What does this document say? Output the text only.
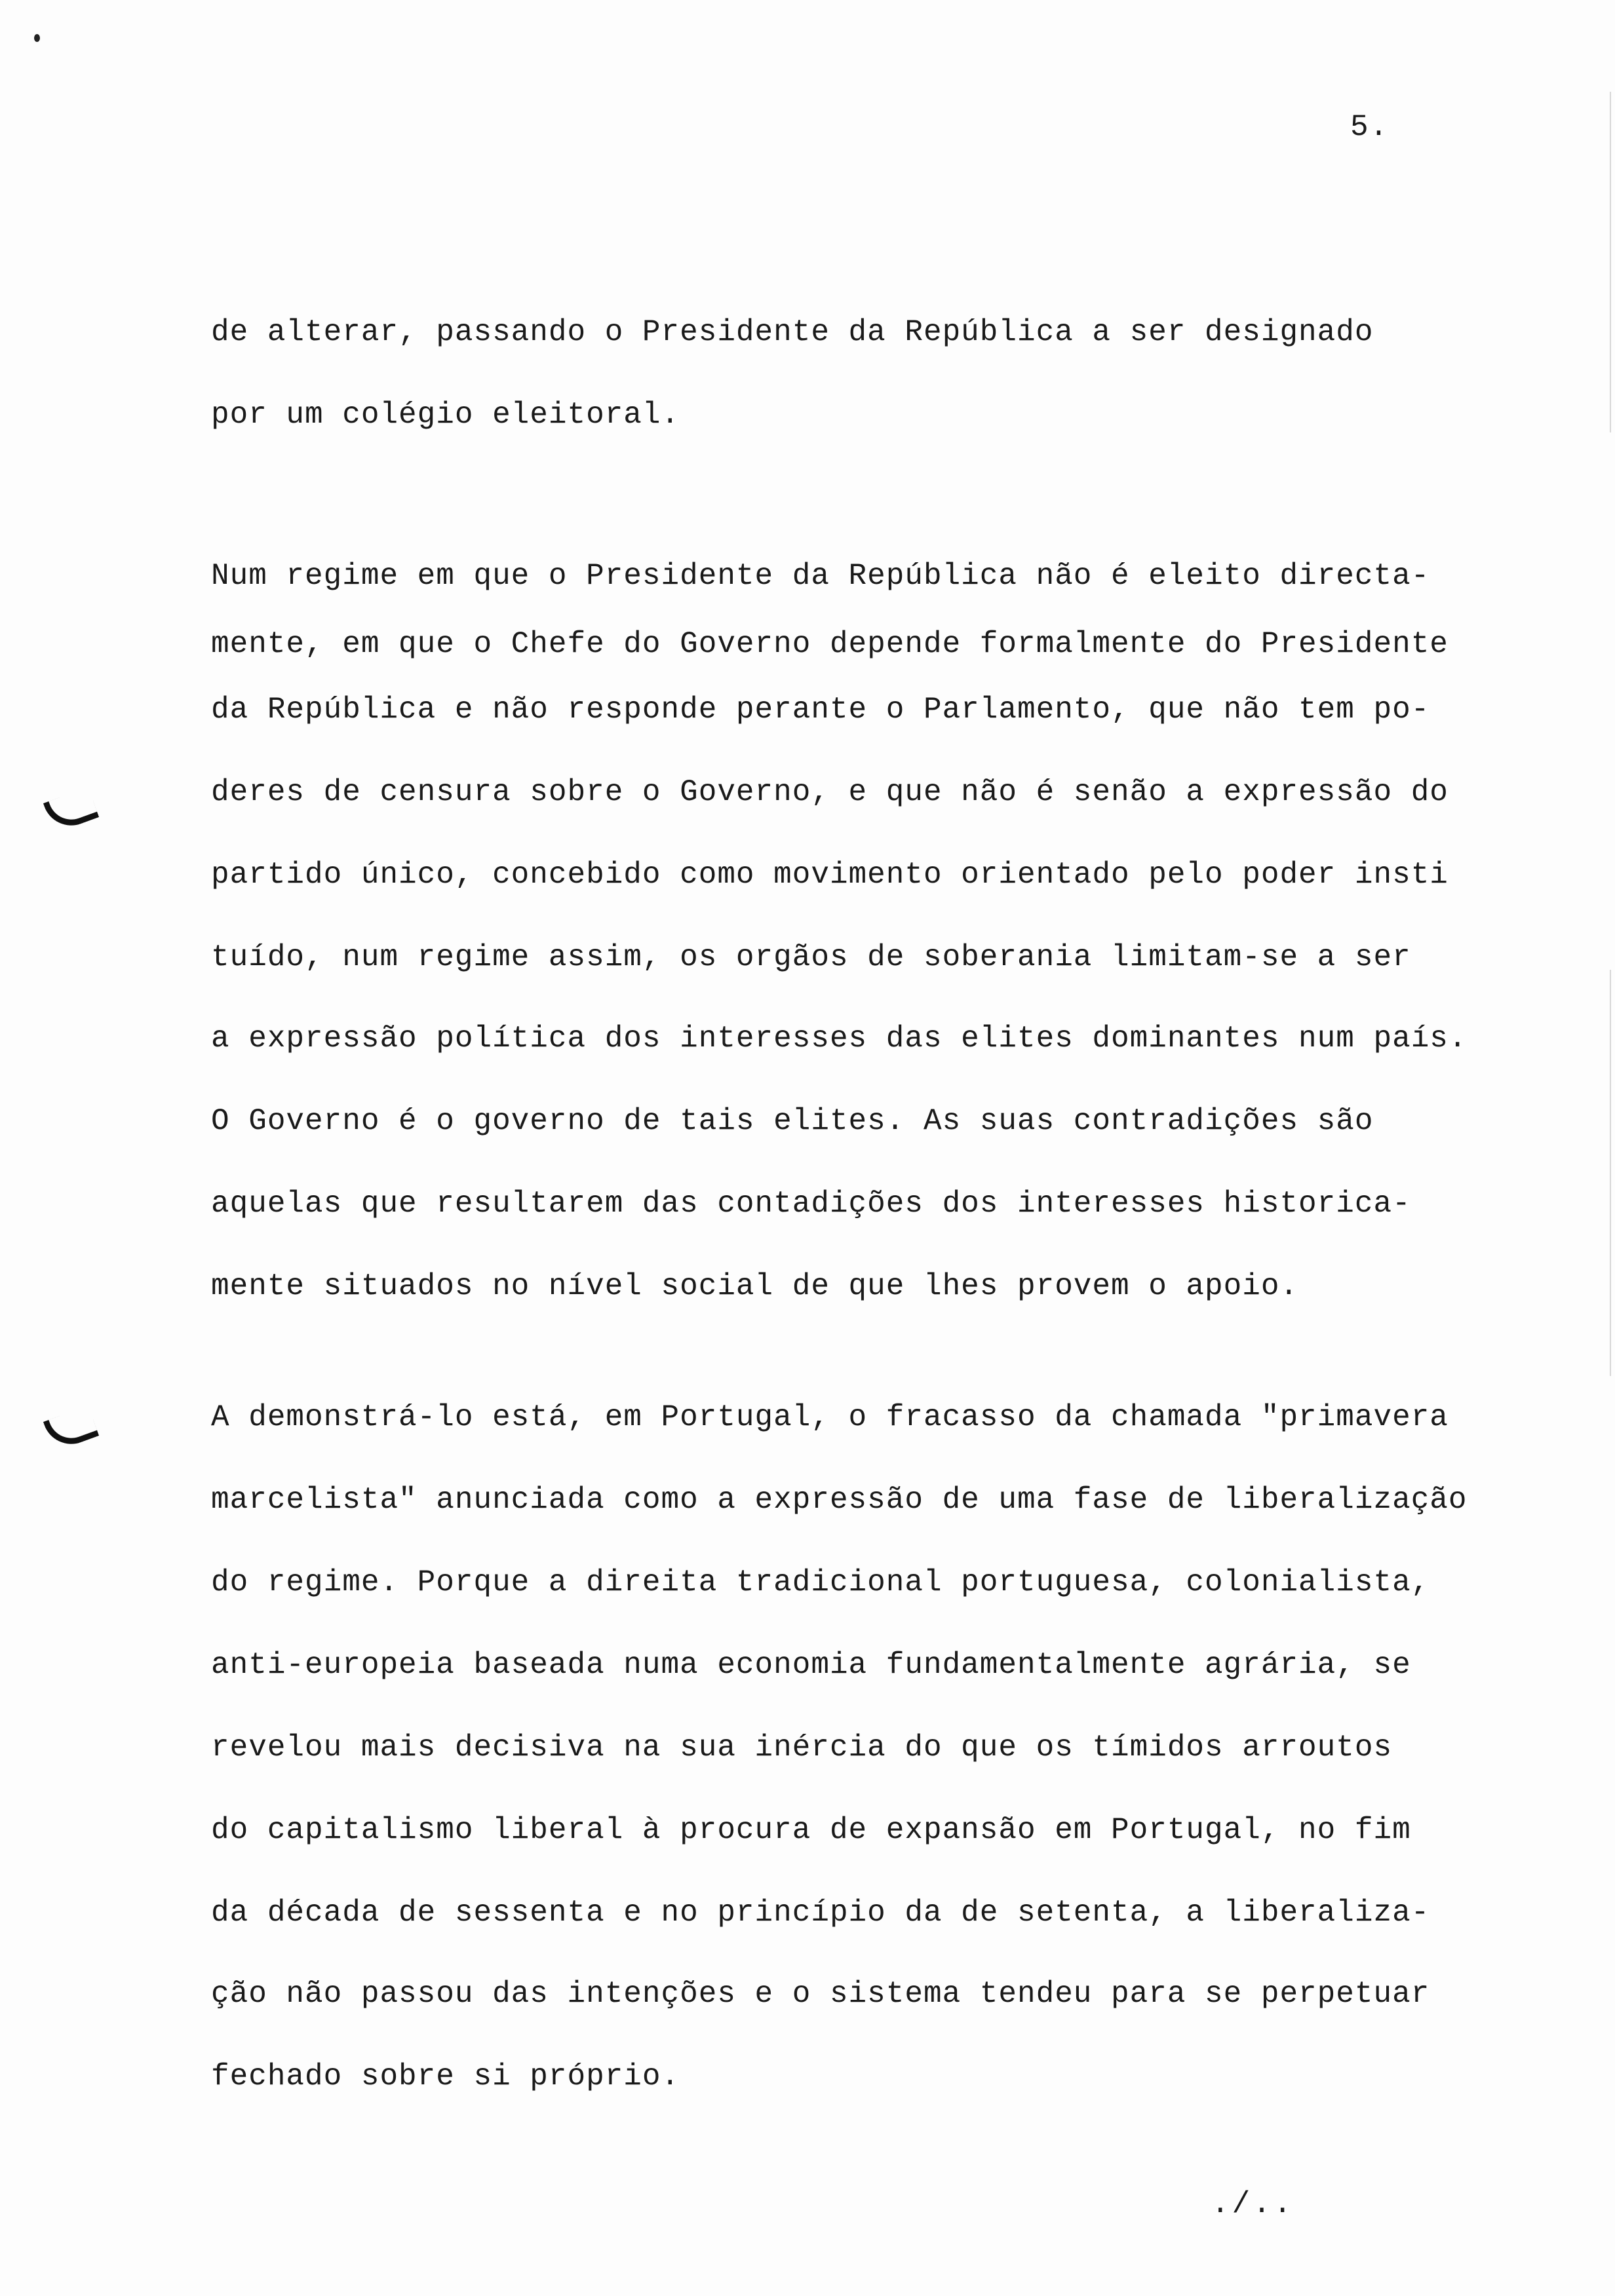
5.
de alterar, passando o Presidente da República a ser designado
por um colégio eleitoral.
Num regime em que o Presidente da República não é eleito directa-
mente, em que o Chefe do Governo depende formalmente do Presidente
da República e não responde perante o Parlamento, que não tem po-
deres de censura sobre o Governo, e que não é senão a expressão do
partido único, concebido como movimento orientado pelo poder insti
tuído, num regime assim, os orgãos de soberania limitam-se a ser
a expressão política dos interesses das elites dominantes num país.
O Governo é o governo de tais elites. As suas contradições são
aquelas que resultarem das contadições dos interesses historica-
mente situados no nível social de que lhes provem o apoio.
A demonstrá-lo está, em Portugal, o fracasso da chamada "primavera
marcelista" anunciada como a expressão de uma fase de liberalização
do regime. Porque a direita tradicional portuguesa, colonialista,
anti-europeia baseada numa economia fundamentalmente agrária, se
revelou mais decisiva na sua inércia do que os tímidos arroutos
do capitalismo liberal à procura de expansão em Portugal, no fim
da década de sessenta e no princípio da de setenta, a liberaliza-
ção não passou das intenções e o sistema tendeu para se perpetuar
fechado sobre si próprio.
./..
